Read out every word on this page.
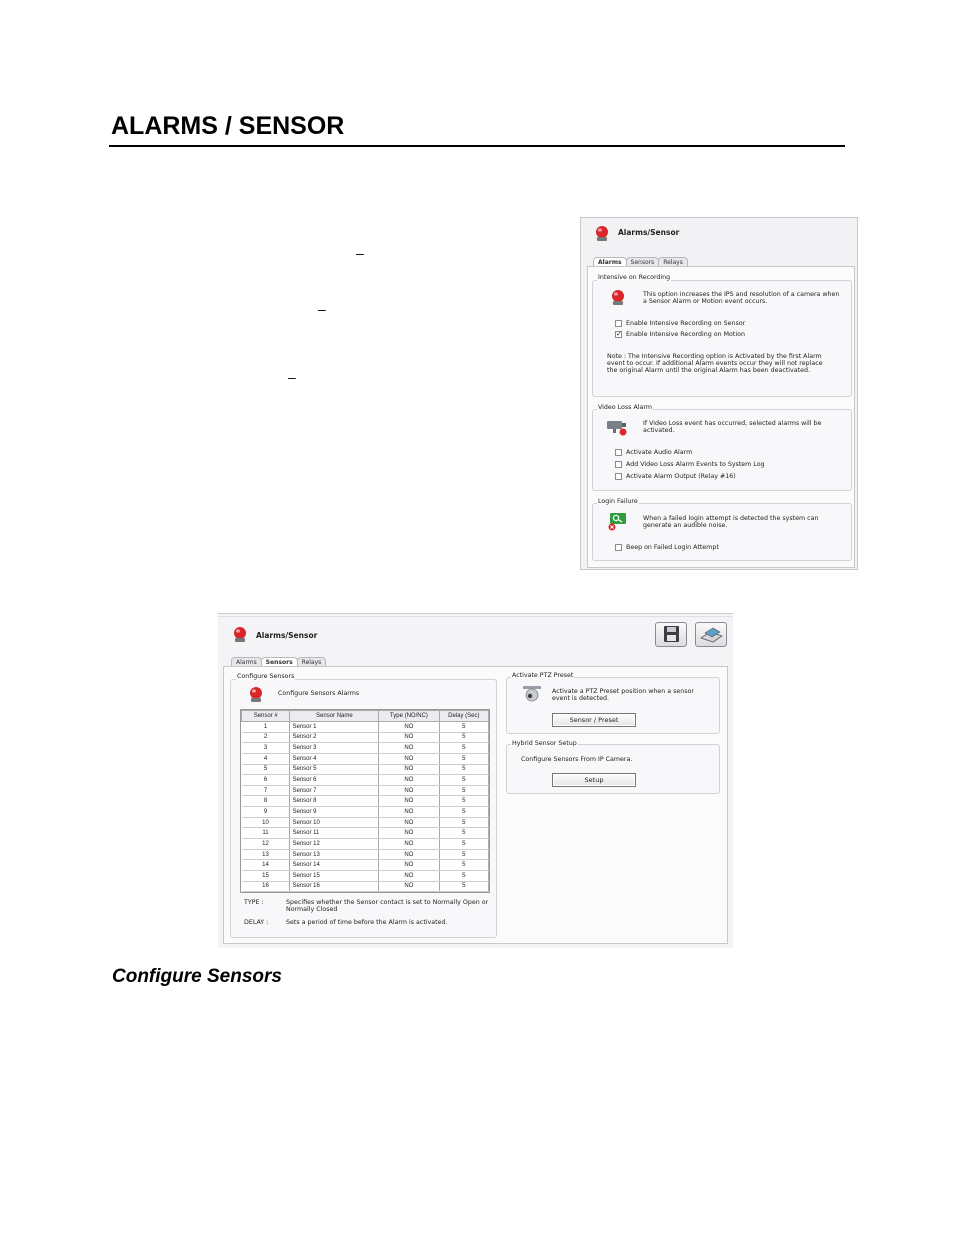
ALARMS / SENSOR
–
–
–
Alarms/Sensor
Alarms	Sensors	Relays
Intensive on Recording
This option increases the IPS and resolution of a camera when a Sensor Alarm or Motion event occurs.
Enable Intensive Recording on Sensor
✓ Enable Intensive Recording on Motion
Note : The Intensive Recording option is Activated by the first Alarm event to occur. If additional Alarm events occur they will not replace the original Alarm until the original Alarm has been deactivated.
Video Loss Alarm
If Video Loss event has occurred, selected alarms will be activated.
Activate Audio Alarm
Add Video Loss Alarm Events to System Log
Activate Alarm Output (Relay #16)
Login Failure
When a failed login attempt is detected the system can generate an audible noise.
Beep on Failed Login Attempt
Alarms/Sensor
Alarms	Sensors	Relays
Configure Sensors
Configure Sensors Alarms
Sensor #	Sensor Name	Type (NO/NC)	Delay (Sec)
1	Sensor 1	NO	5
2	Sensor 2	NO	5
3	Sensor 3	NO	5
4	Sensor 4	NO	5
5	Sensor 5	NO	5
6	Sensor 6	NO	5
7	Sensor 7	NO	5
8	Sensor 8	NO	5
9	Sensor 9	NO	5
10	Sensor 10	NO	5
11	Sensor 11	NO	5
12	Sensor 12	NO	5
13	Sensor 13	NO	5
14	Sensor 14	NO	5
15	Sensor 15	NO	5
16	Sensor 16	NO	5
TYPE :	Specifies whether the Sensor contact is set to Normally Open or Normally Closed
DELAY :	Sets a period of time before the Alarm is activated.
Activate PTZ Preset
Activate a PTZ Preset position when a sensor event is detected.
Sensor / Preset
Hybrid Sensor Setup
Configure Sensors From IP Camera.
Setup
Configure Sensors
